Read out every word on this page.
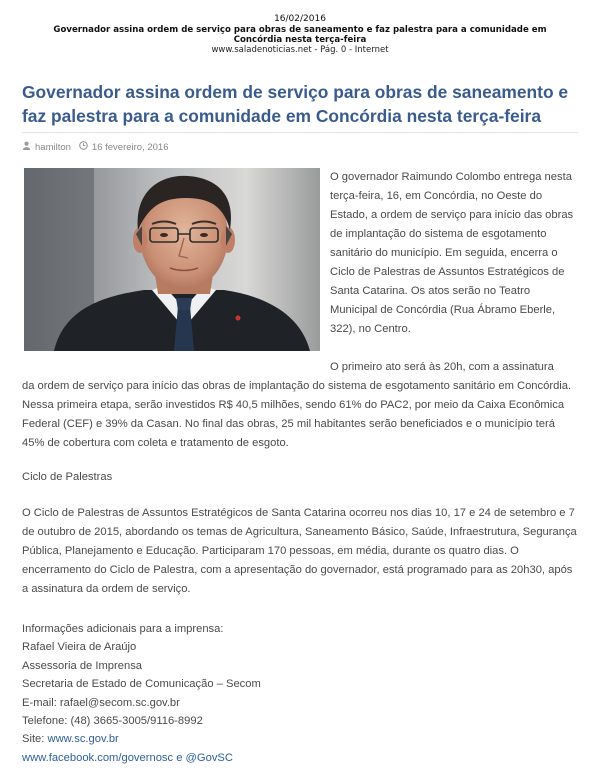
16/02/2016
Governador assina ordem de serviço para obras de saneamento e faz palestra para a comunidade em Concórdia nesta terça-feira
www.saladenoticias.net - Pág. 0 - Internet
Governador assina ordem de serviço para obras de saneamento e faz palestra para a comunidade em Concórdia nesta terça-feira
hamilton 16 fevereiro, 2016

O governador Raimundo Colombo entrega nesta terça-feira, 16, em Concórdia, no Oeste do Estado, a ordem de serviço para início das obras de implantação do sistema de esgotamento sanitário do município. Em seguida, encerra o Ciclo de Palestras de Assuntos Estratégicos de Santa Catarina. Os atos serão no Teatro Municipal de Concórdia (Rua Ábramo Eberle, 322), no Centro.

O primeiro ato será às 20h, com a assinatura
da ordem de serviço para início das obras de implantação do sistema de esgotamento sanitário em Concórdia. Nessa primeira etapa, serão investidos R$ 40,5 milhões, sendo 61% do PAC2, por meio da Caixa Econômica Federal (CEF) e 39% da Casan. No final das obras, 25 mil habitantes serão beneficiados e o município terá 45% de cobertura com coleta e tratamento de esgoto.

Ciclo de Palestras

O Ciclo de Palestras de Assuntos Estratégicos de Santa Catarina ocorreu nos dias 10, 17 e 24 de setembro e 7 de outubro de 2015, abordando os temas de Agricultura, Saneamento Básico, Saúde, Infraestrutura, Segurança Pública, Planejamento e Educação. Participaram 170 pessoas, em média, durante os quatro dias. O encerramento do Ciclo de Palestra, com a apresentação do governador, está programado para as 20h30, após a assinatura da ordem de serviço.

Informações adicionais para a imprensa:
Rafael Vieira de Araújo
Assessoria de Imprensa
Secretaria de Estado de Comunicação – Secom
E-mail: rafael@secom.sc.gov.br
Telefone: (48) 3665-3005/9116-8992
Site: www.sc.gov.br
www.facebook.com/governosc e @GovSC
